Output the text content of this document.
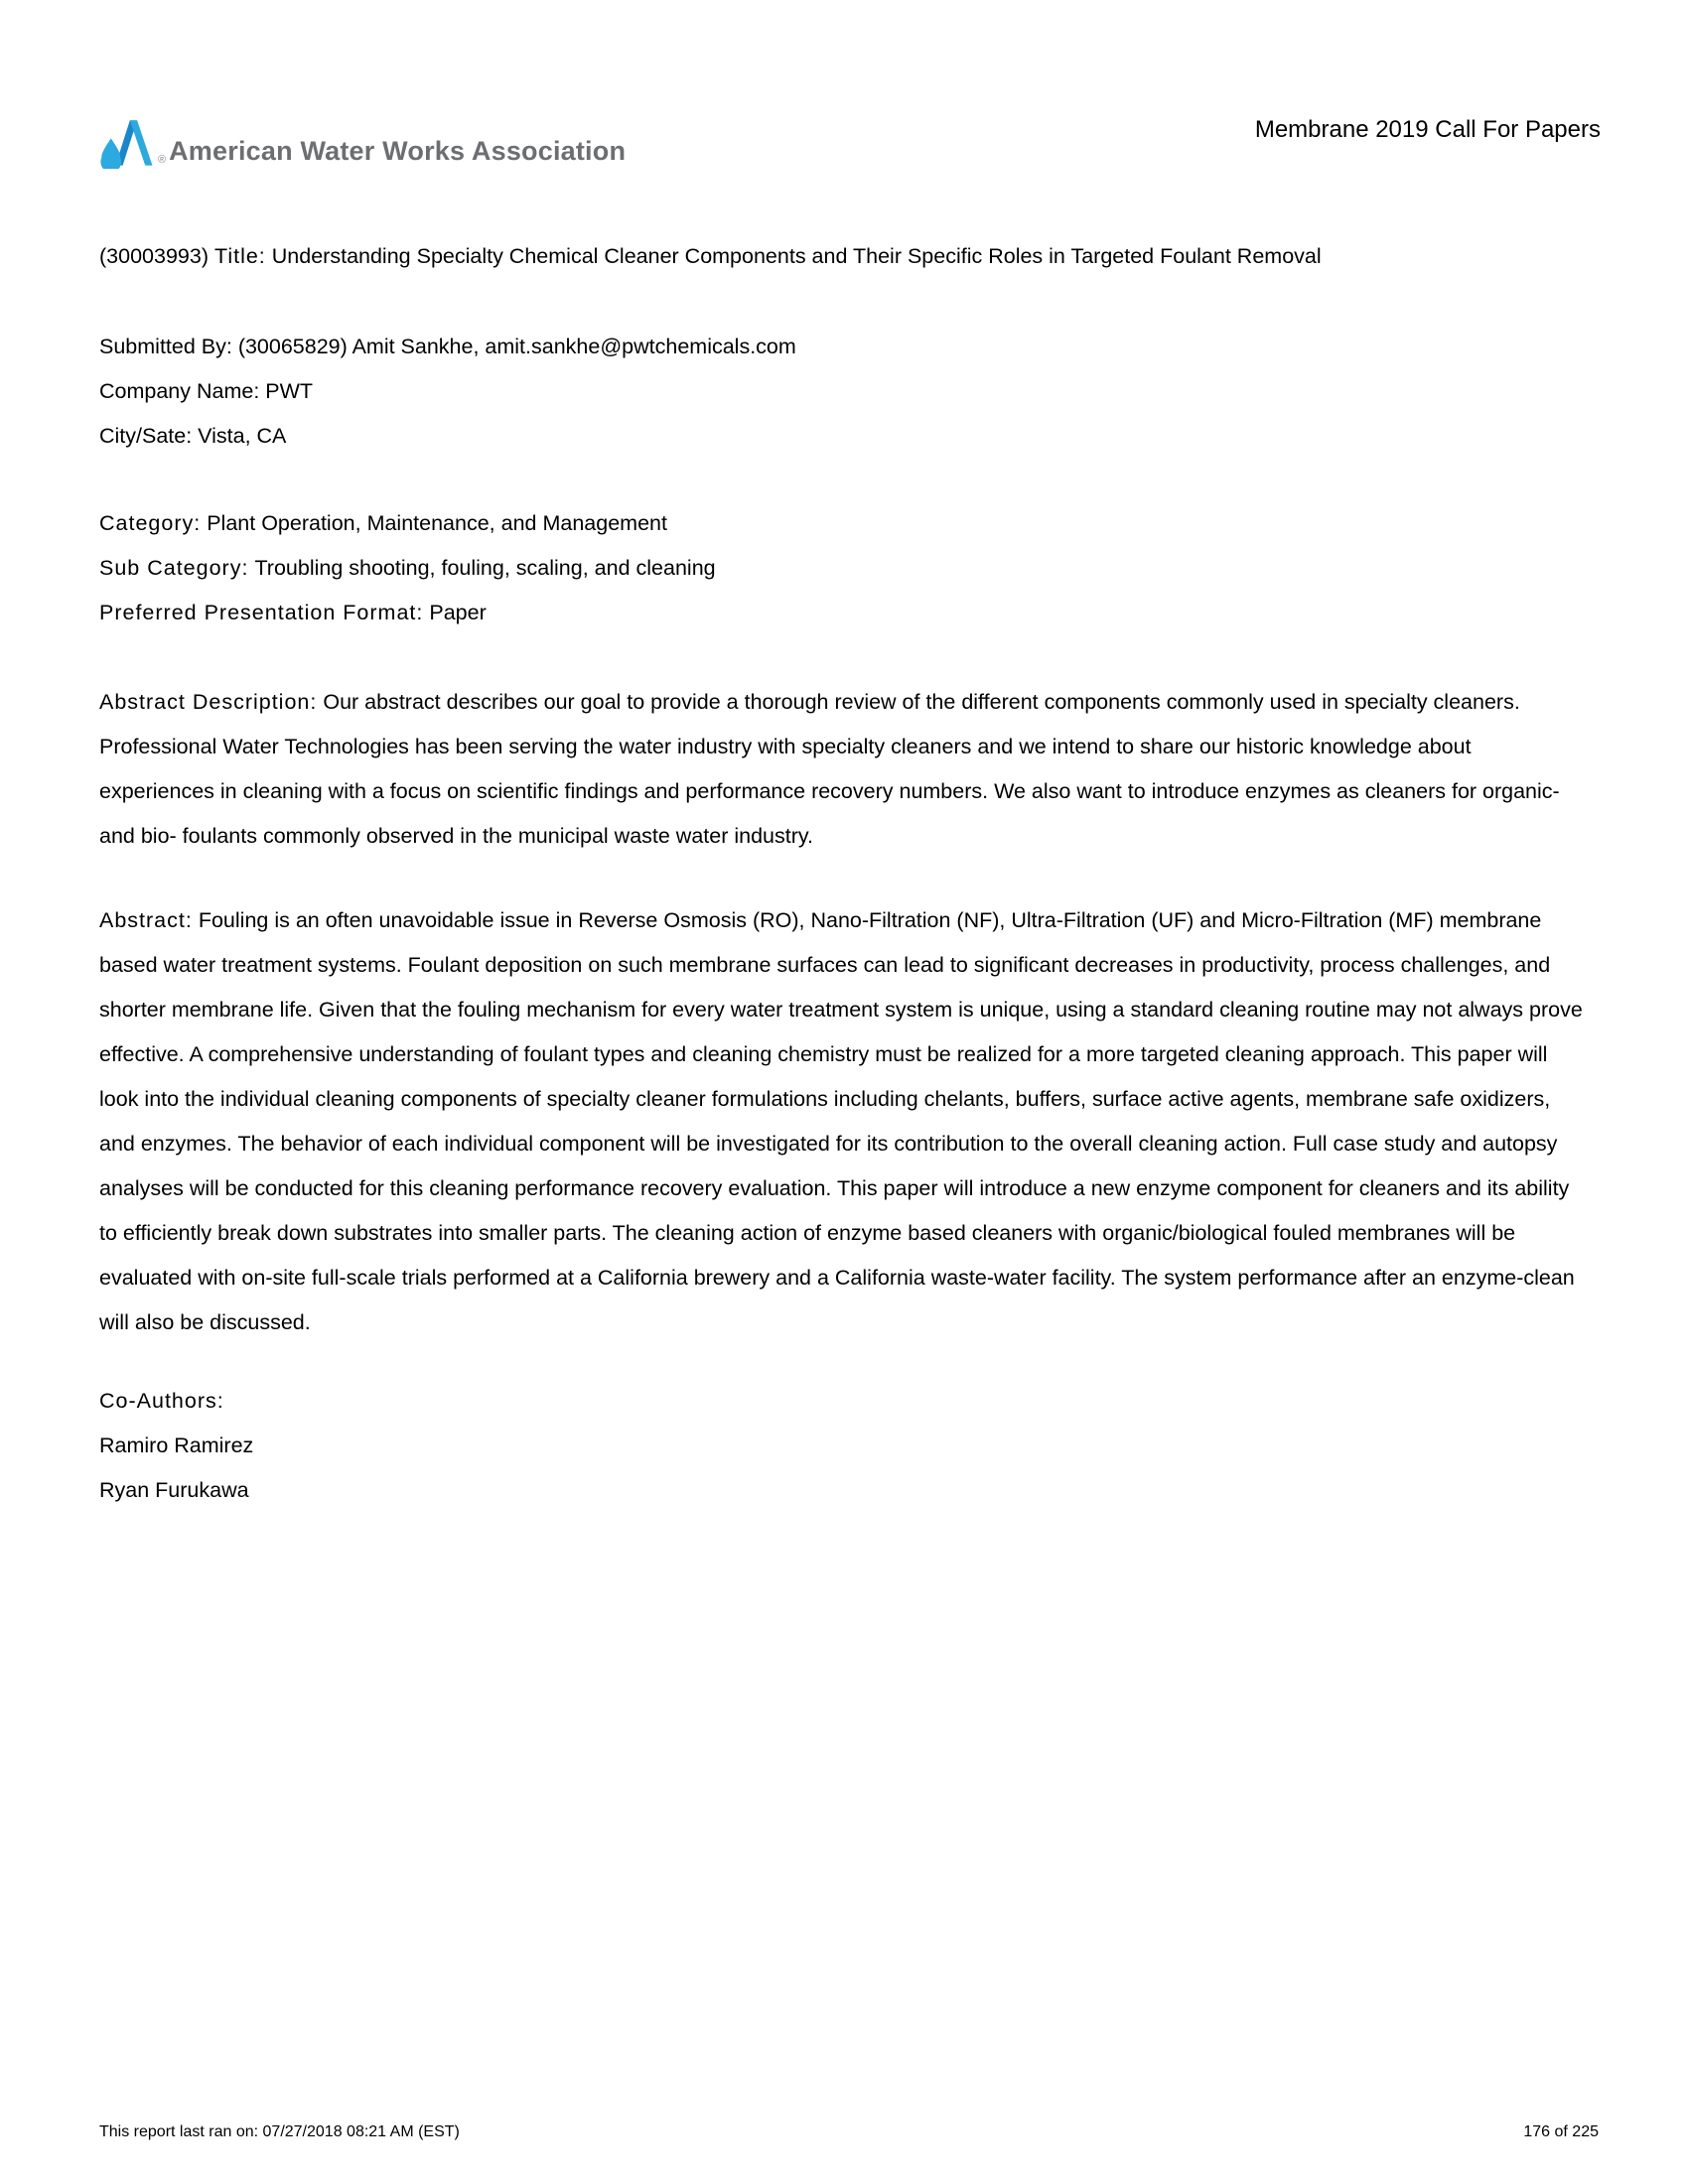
® American Water Works Association
Membrane 2019 Call For Papers
(30003993) Title: Understanding Specialty Chemical Cleaner Components and Their Specific Roles in Targeted Foulant Removal
Submitted By: (30065829) Amit Sankhe, amit.sankhe@pwtchemicals.com
Company Name: PWT
City/Sate: Vista, CA
Category: Plant Operation, Maintenance, and Management
Sub Category: Troubling shooting, fouling, scaling, and cleaning
Preferred Presentation Format: Paper
Abstract Description: Our abstract describes our goal to provide a thorough review of the different components commonly used in specialty cleaners. Professional Water Technologies has been serving the water industry with specialty cleaners and we intend to share our historic knowledge about experiences in cleaning with a focus on scientific findings and performance recovery numbers. We also want to introduce enzymes as cleaners for organic- and bio- foulants commonly observed in the municipal waste water industry.
Abstract: Fouling is an often unavoidable issue in Reverse Osmosis (RO), Nano-Filtration (NF), Ultra-Filtration (UF) and Micro-Filtration (MF) membrane based water treatment systems. Foulant deposition on such membrane surfaces can lead to significant decreases in productivity, process challenges, and shorter membrane life. Given that the fouling mechanism for every water treatment system is unique, using a standard cleaning routine may not always prove effective. A comprehensive understanding of foulant types and cleaning chemistry must be realized for a more targeted cleaning approach. This paper will look into the individual cleaning components of specialty cleaner formulations including chelants, buffers, surface active agents, membrane safe oxidizers, and enzymes. The behavior of each individual component will be investigated for its contribution to the overall cleaning action. Full case study and autopsy analyses will be conducted for this cleaning performance recovery evaluation. This paper will introduce a new enzyme component for cleaners and its ability to efficiently break down substrates into smaller parts. The cleaning action of enzyme based cleaners with organic/biological fouled membranes will be evaluated with on-site full-scale trials performed at a California brewery and a California waste-water facility. The system performance after an enzyme-clean will also be discussed.
Co-Authors:
Ramiro Ramirez
Ryan Furukawa
This report last ran on: 07/27/2018 08:21 AM (EST)	176 of 225
